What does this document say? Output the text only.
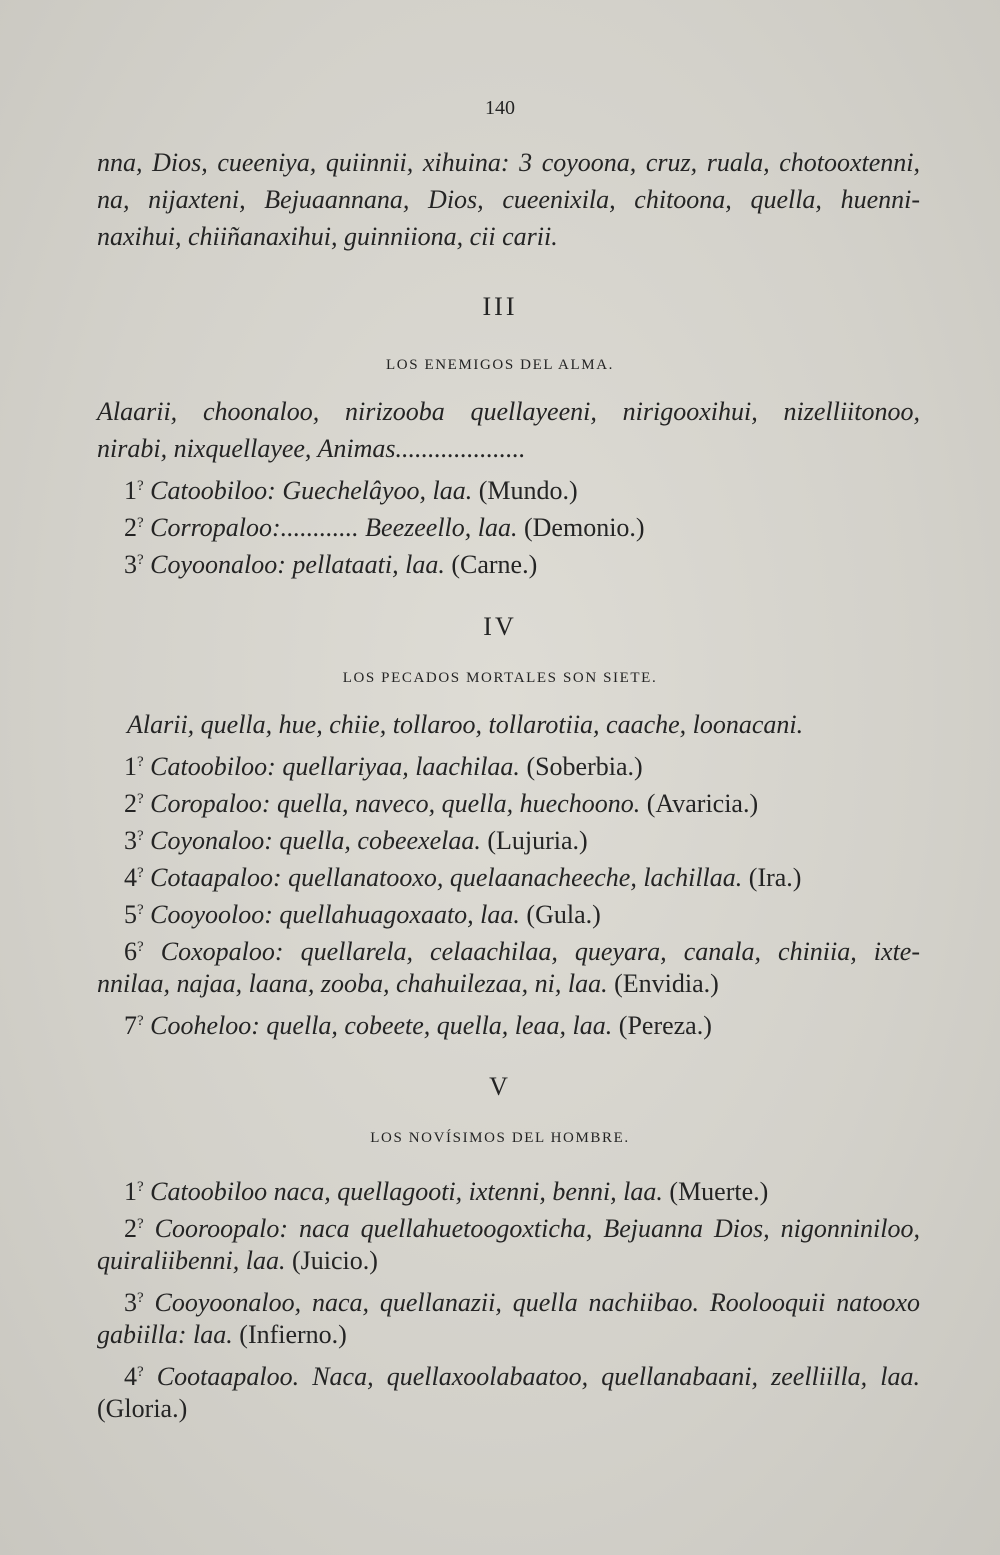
140
nna, Dios, cueeniya, quiinnii, xihuina: 3 coyoona, cruz, ruala, chotooxtenni,
na, nijaxteni, Bejuaannana, Dios, cueenixila, chitoona, quella, huenni-
naxihui, chiiñanaxihui, guinniiona, cii carii.
III
LOS ENEMIGOS DEL ALMA.
Alaarii, choonaloo, nirizooba quellayeeni, nirigooxihui, nizelliitonoo,
nirabi, nixquellayee, Animas....................
1? Catoobiloo: Guechelâyoo, laa. (Mundo.)
2? Corropaloo:............ Beezeello, laa. (Demonio.)
3? Coyoonaloo: pellataati, laa. (Carne.)
IV
LOS PECADOS MORTALES SON SIETE.
Alarii, quella, hue, chiie, tollaroo, tollarotiia, caache, loonacani.
1? Catoobiloo: quellariyaa, laachilaa. (Soberbia.)
2? Coropaloo: quella, naveco, quella, huechoono. (Avaricia.)
3? Coyonaloo: quella, cobeexelaa. (Lujuria.)
4? Cotaapaloo: quellanatooxo, quelaanacheeche, lachillaa. (Ira.)
5? Cooyooloo: quellahuagoxaato, laa. (Gula.)
6? Coxopaloo: quellarela, celaachilaa, queyara, canala, chiniia, ixte-
nnilaa, najaa, laana, zooba, chahuilezaa, ni, laa. (Envidia.)
7? Cooheloo: quella, cobeete, quella, leaa, laa. (Pereza.)
V
LOS NOVÍSIMOS DEL HOMBRE.
1? Catoobiloo naca, quellagooti, ixtenni, benni, laa. (Muerte.)
2? Cooroopalo: naca quellahuetoogoxticha, Bejuanna Dios, nigonniniloo,
quiraliibenni, laa. (Juicio.)
3? Cooyoonaloo, naca, quellanazii, quella nachiibao. Roolooquii natooxo
gabiilla: laa. (Infierno.)
4? Cootaapaloo. Naca, quellaxoolabaatoo, quellanabaani, zeelliilla, laa.
(Gloria.)
